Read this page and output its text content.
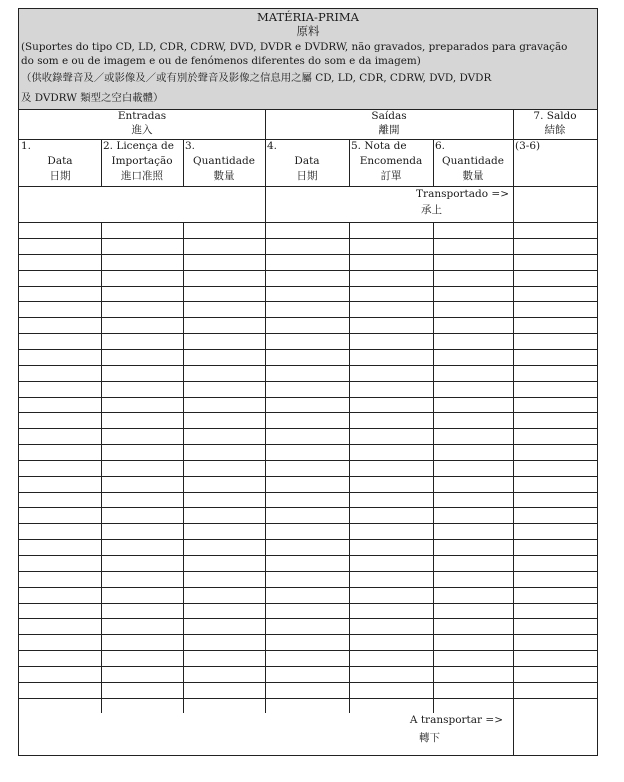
MATÉRIA-PRIMA
原料
(Suportes do tipo CD, LD, CDR, CDRW, DVD, DVDR e DVDRW, não gravados, preparados para gravação
do som e ou de imagem e ou de fenómenos diferentes do som e da imagem)
（供收錄聲音及／或影像及／或有別於聲音及影像之信息用之屬 CD, LD, CDR, CDRW, DVD, DVDR
及 DVDRW 類型之空白載體）
Entradas
進入
Saídas
離開
7. Saldo
結餘
1.
Data
日期
2. Licença de
Importação
進口准照
3.
Quantidade
數量
4.
Data
日期
5. Nota de
Encomenda
訂單
6.
Quantidade
數量
(3-6)
Transportado =>
承上
A transportar =>
轉下
